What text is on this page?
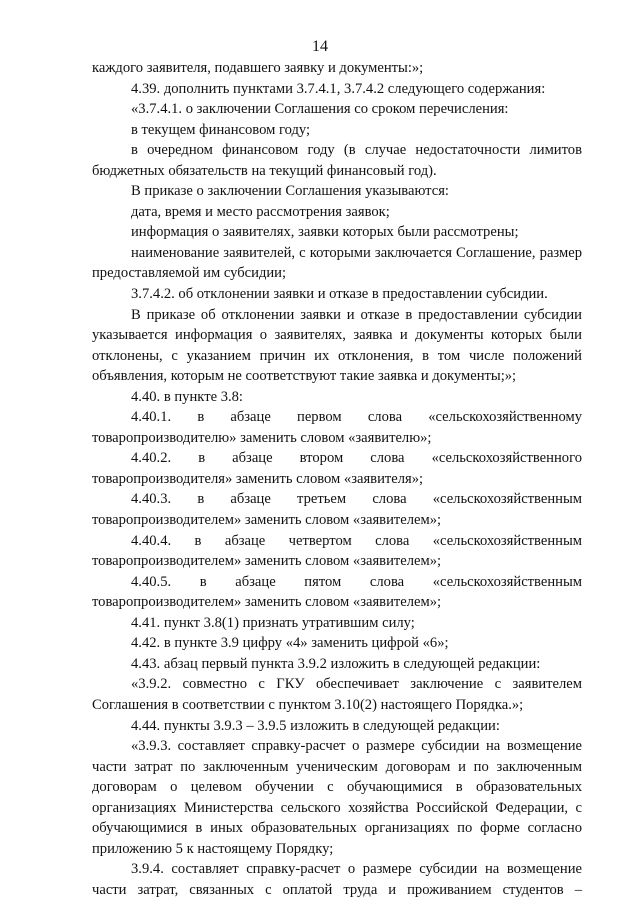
14

каждого заявителя, подавшего заявку и документы:»;

4.39. дополнить пунктами 3.7.4.1, 3.7.4.2 следующего содержания:

«3.7.4.1. о заключении Соглашения со сроком перечисления:

в текущем финансовом году;

в очередном финансовом году (в случае недостаточности лимитов бюджетных обязательств на текущий финансовый год).

В приказе о заключении Соглашения указываются:

дата, время и место рассмотрения заявок;

информация о заявителях, заявки которых были рассмотрены;

наименование заявителей, с которыми заключается Соглашение, размер предоставляемой им субсидии;

3.7.4.2. об отклонении заявки и отказе в предоставлении субсидии.

В приказе об отклонении заявки и отказе в предоставлении субсидии указывается информация о заявителях, заявка и документы которых были отклонены, с указанием причин их отклонения, в том числе положений объявления, которым не соответствуют такие заявка и документы;»;

4.40. в пункте 3.8:

4.40.1. в абзаце первом слова «сельскохозяйственному товаропроизводителю» заменить словом «заявителю»;

4.40.2. в абзаце втором слова «сельскохозяйственного товаропроизводителя» заменить словом «заявителя»;

4.40.3. в абзаце третьем слова «сельскохозяйственным товаропроизводителем» заменить словом «заявителем»;

4.40.4. в абзаце четвертом слова «сельскохозяйственным товаропроизводителем» заменить словом «заявителем»;

4.40.5. в абзаце пятом слова «сельскохозяйственным товаропроизводителем» заменить словом «заявителем»;

4.41. пункт 3.8(1) признать утратившим силу;

4.42. в пункте 3.9 цифру «4» заменить цифрой «6»;

4.43. абзац первый пункта 3.9.2 изложить в следующей редакции:

«3.9.2. совместно с ГКУ обеспечивает заключение с заявителем Соглашения в соответствии с пунктом 3.10(2) настоящего Порядка.»;

4.44. пункты 3.9.3 – 3.9.5 изложить в следующей редакции:

«3.9.3. составляет справку-расчет о размере субсидии на возмещение части затрат по заключенным ученическим договорам и по заключенным договорам о целевом обучении с обучающимися в образовательных организациях Министерства сельского хозяйства Российской Федерации, с обучающимися в иных образовательных организациях по форме согласно приложению 5 к настоящему Порядку;

3.9.4. составляет справку-расчет о размере субсидии на возмещение части затрат, связанных с оплатой труда и проживанием студентов –
